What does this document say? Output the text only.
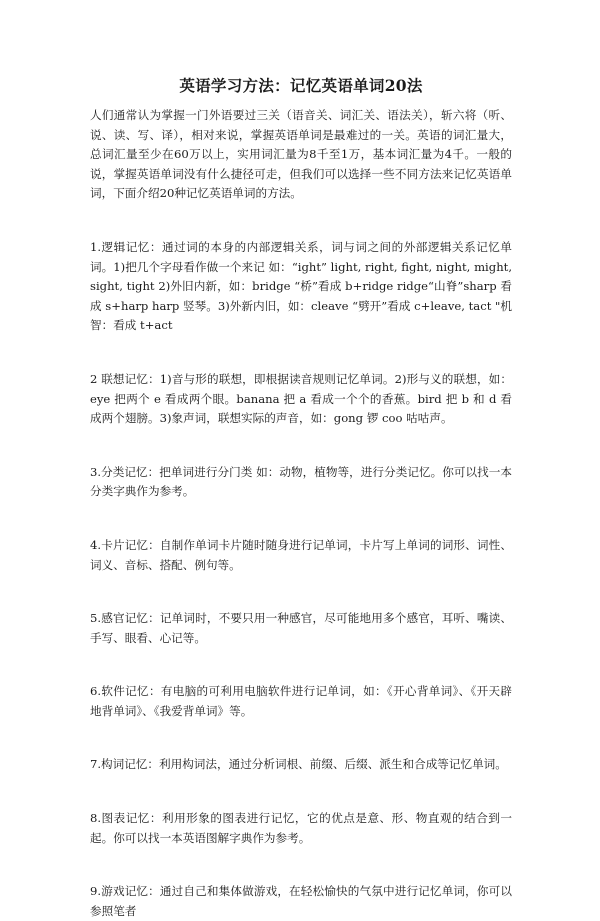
英语学习方法：记忆英语单词20法

人们通常认为掌握一门外语要过三关（语音关、词汇关、语法关），斩六将（听、说、读、写、译），相对来说，掌握英语单词是最难过的一关。英语的词汇量大，总词汇量至少在60万以上，实用词汇量为8千至1万，基本词汇量为4千。一般的说，掌握英语单词没有什么捷径可走，但我们可以选择一些不同方法来记忆英语单词，下面介绍20种记忆英语单词的方法。

1.逻辑记忆：通过词的本身的内部逻辑关系，词与词之间的外部逻辑关系记忆单词。1)把几个字母看作做一个来记 如：“ight” light, right, fight, night, might, sight, tight 2)外旧内新，如：bridge “桥”看成 b+ridge ridge“山脊”sharp 看成 s+harp harp 竖琴。3)外新内旧，如：cleave “劈开”看成 c+leave, tact "机智：看成 t+act

2 联想记忆：1)音与形的联想，即根据读音规则记忆单词。2)形与义的联想，如：eye 把两个 e 看成两个眼。banana 把 a 看成一个个的香蕉。bird 把 b 和 d 看成两个翅膀。3)象声词，联想实际的声音，如：gong 锣 coo 咕咕声。

3.分类记忆：把单词进行分门类 如：动物，植物等，进行分类记忆。你可以找一本分类字典作为参考。

4.卡片记忆：自制作单词卡片随时随身进行记单词，卡片写上单词的词形、词性、词义、音标、搭配、例句等。

5.感官记忆：记单词时，不要只用一种感官，尽可能地用多个感官，耳听、嘴读、手写、眼看、心记等。

6.软件记忆：有电脑的可利用电脑软件进行记单词，如：《开心背单词》、《开天辟地背单词》、《我爱背单词》等。

7.构词记忆：利用构词法，通过分析词根、前缀、后缀、派生和合成等记忆单词。

8.图表记忆：利用形象的图表进行记忆，它的优点是意、形、物直观的结合到一起。你可以找一本英语图解字典作为参考。

9.游戏记忆：通过自己和集体做游戏，在轻松愉快的气氛中进行记忆单词，你可以参照笔者
